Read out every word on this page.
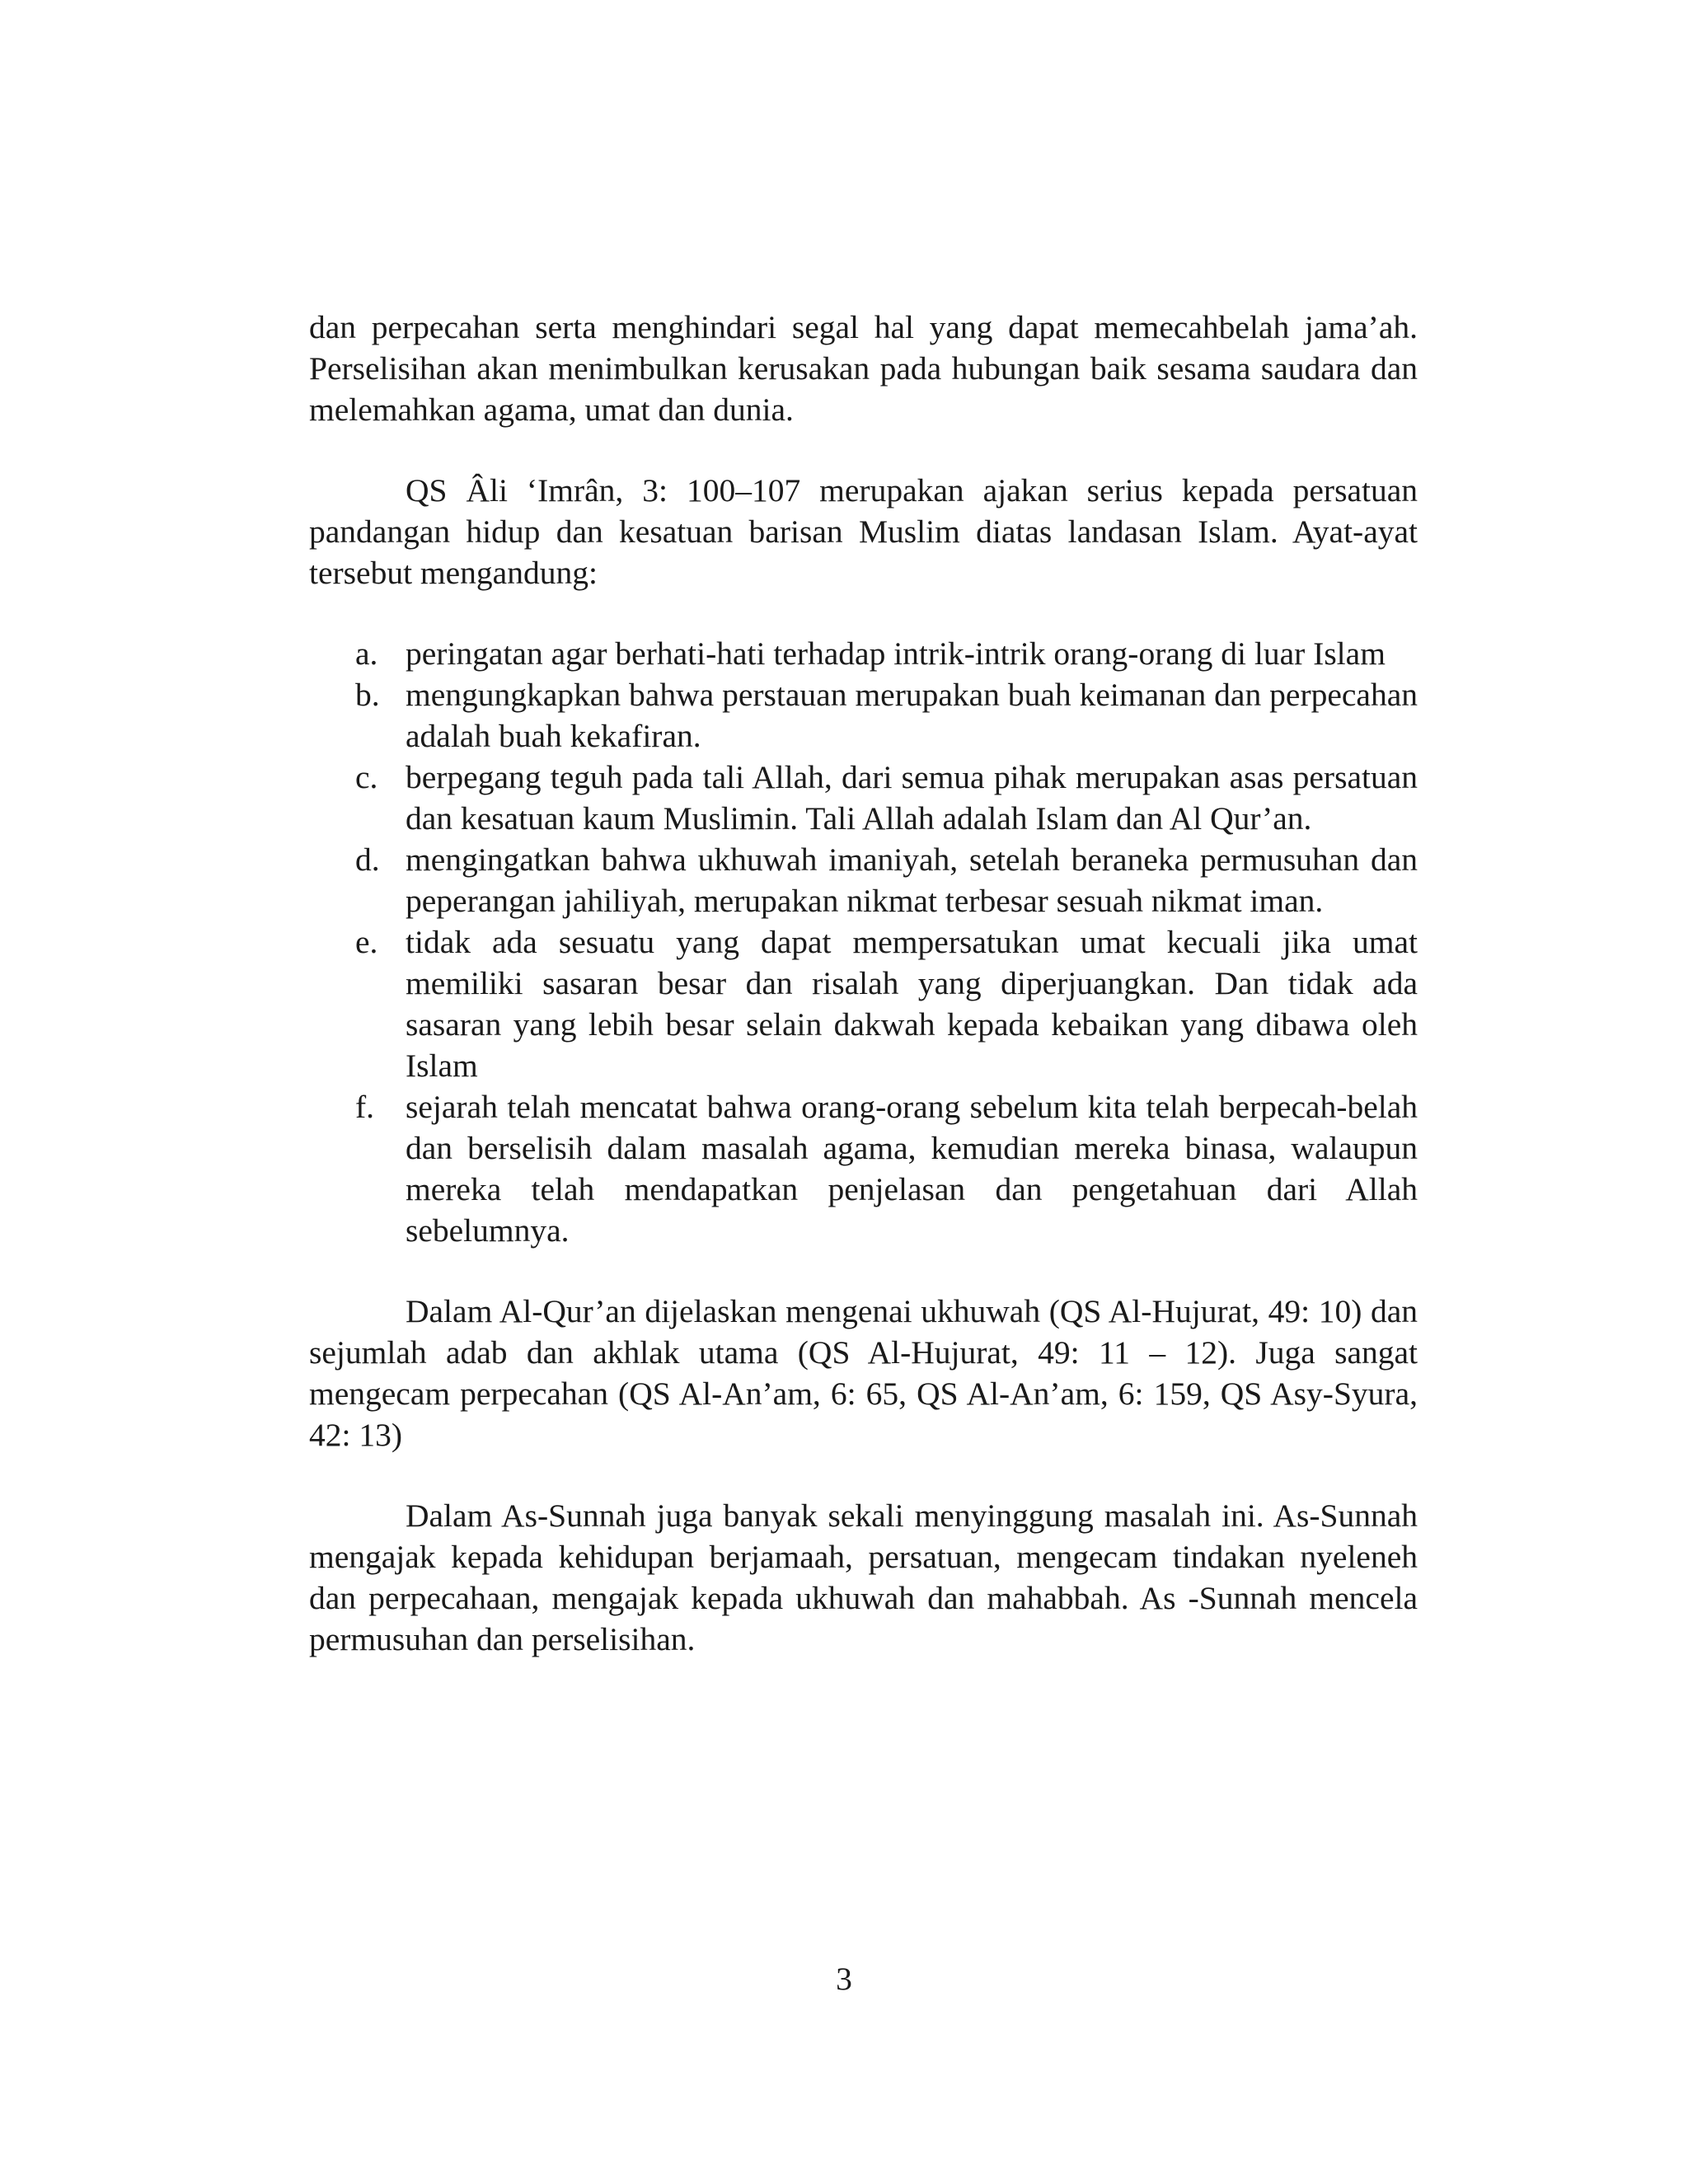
dan perpecahan serta menghindari segal hal yang dapat memecahbelah jama’ah. Perselisihan akan menimbulkan kerusakan pada hubungan baik sesama saudara dan melemahkan agama, umat dan dunia.

QS Âli ‘Imrân, 3: 100–107 merupakan ajakan serius kepada persatuan pandangan hidup dan kesatuan barisan Muslim diatas landasan Islam. Ayat-ayat tersebut mengandung:

a. peringatan agar berhati-hati terhadap intrik-intrik orang-orang di luar Islam
b. mengungkapkan bahwa perstauan merupakan buah keimanan dan perpecahan adalah buah kekafiran.
c. berpegang teguh pada tali Allah, dari semua pihak merupakan asas persatuan dan kesatuan kaum Muslimin. Tali Allah adalah Islam dan Al Qur’an.
d. mengingatkan bahwa ukhuwah imaniyah, setelah beraneka permusuhan dan peperangan jahiliyah, merupakan nikmat terbesar sesuah nikmat iman.
e. tidak ada sesuatu yang dapat mempersatukan umat kecuali jika umat memiliki sasaran besar dan risalah yang diperjuangkan. Dan tidak ada sasaran yang lebih besar selain dakwah kepada kebaikan yang dibawa oleh Islam
f. sejarah telah mencatat bahwa orang-orang sebelum kita telah berpecah-belah dan berselisih dalam masalah agama, kemudian mereka binasa, walaupun mereka telah mendapatkan penjelasan dan pengetahuan dari Allah sebelumnya.

Dalam Al-Qur’an dijelaskan mengenai ukhuwah (QS Al-Hujurat, 49: 10) dan sejumlah adab dan akhlak utama (QS Al-Hujurat, 49: 11 – 12). Juga sangat mengecam perpecahan (QS Al-An’am, 6: 65, QS Al-An’am, 6: 159, QS Asy-Syura, 42: 13)

Dalam As-Sunnah juga banyak sekali menyinggung masalah ini. As-Sunnah mengajak kepada kehidupan berjamaah, persatuan, mengecam tindakan nyeleneh dan perpecahaan, mengajak kepada ukhuwah dan mahabbah. As -Sunnah mencela permusuhan dan perselisihan.

3
